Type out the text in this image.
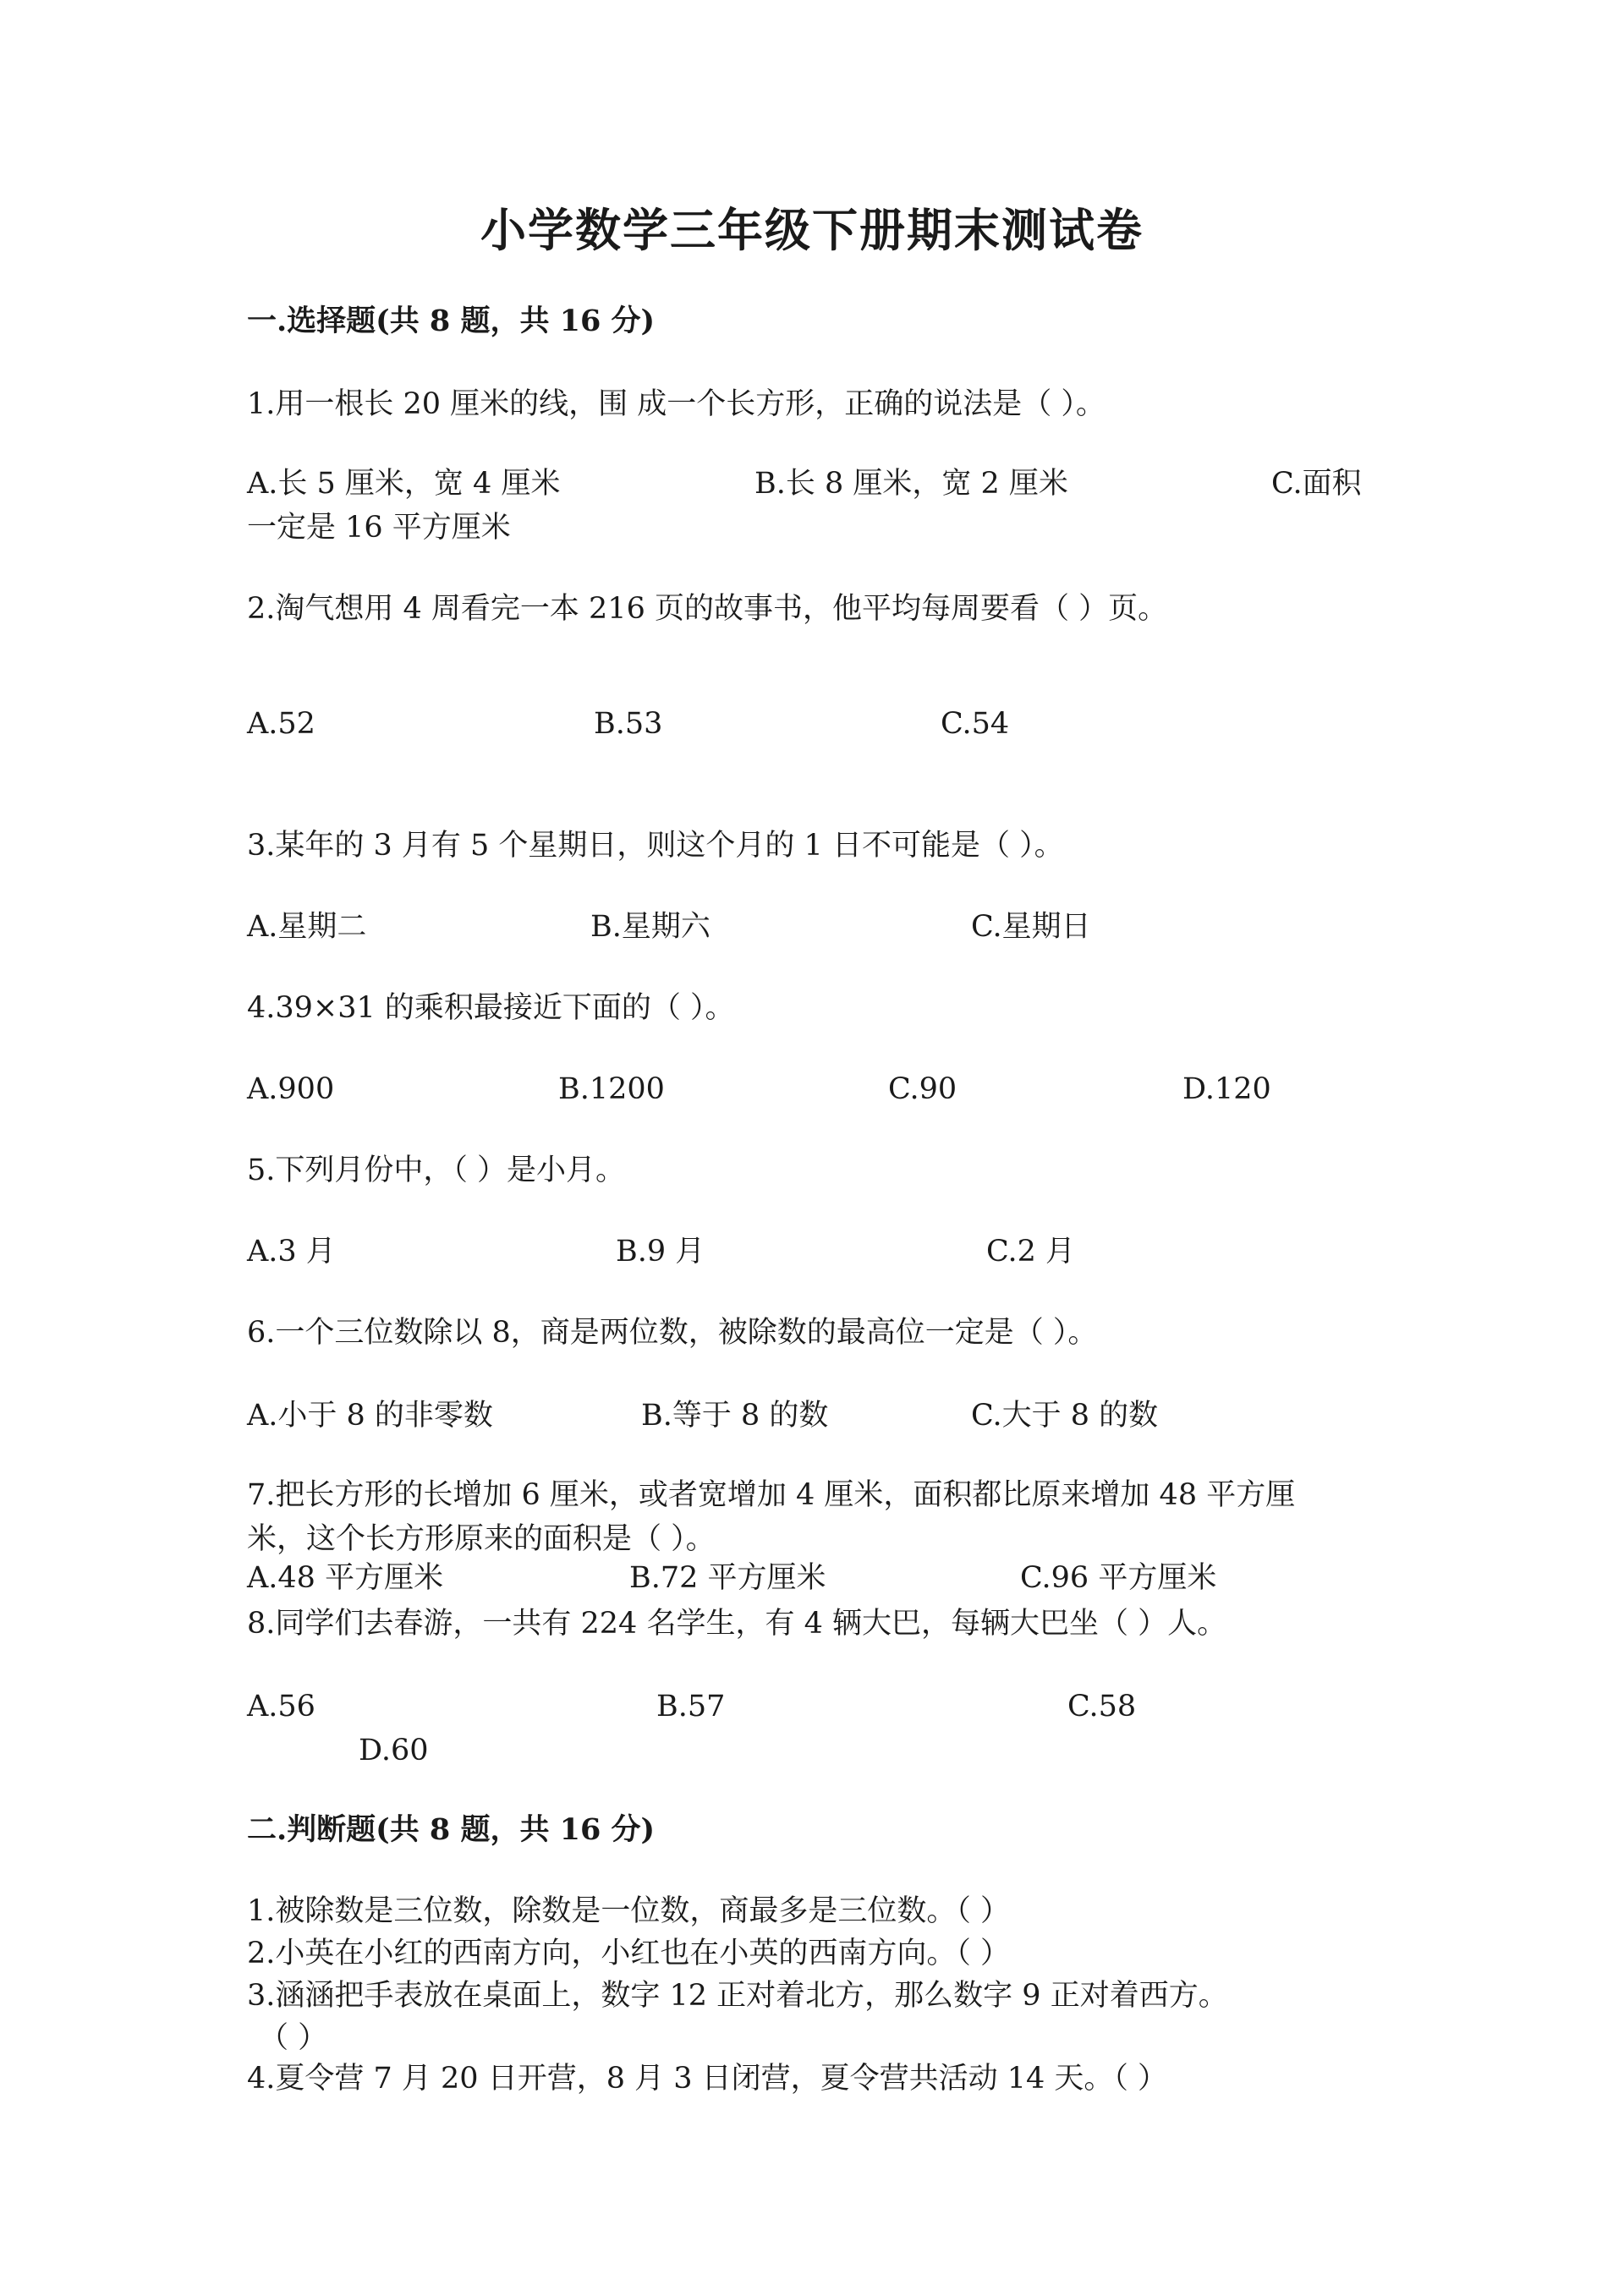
小学数学三年级下册期末测试卷
一.选择题(共 8 题，共 16 分)
1.用一根长 20 厘米的线，围 成一个长方形，正确的说法是（ ）。
A.长 5 厘米，宽 4 厘米	B.长 8 厘米，宽 2 厘米	C.面积
一定是 16 平方厘米
2.淘气想用 4 周看完一本 216 页的故事书，他平均每周要看（ ）页。
A.52	B.53	C.54
3.某年的 3 月有 5 个星期日，则这个月的 1 日不可能是（ ）。
A.星期二	B.星期六	C.星期日
4.39×31 的乘积最接近下面的（ ）。
A.900	B.1200	C.90	D.120
5.下列月份中，（ ）是小月。
A.3 月	B.9 月	C.2 月
6.一个三位数除以 8，商是两位数，被除数的最高位一定是（ ）。
A.小于 8 的非零数	B.等于 8 的数	C.大于 8 的数
7.把长方形的长增加 6 厘米，或者宽增加 4 厘米，面积都比原来增加 48 平方厘
米，这个长方形原来的面积是（ ）。
A.48 平方厘米	B.72 平方厘米	C.96 平方厘米
8.同学们去春游，一共有 224 名学生，有 4 辆大巴，每辆大巴坐（ ）人。
A.56	B.57	C.58
D.60
二.判断题(共 8 题，共 16 分)
1.被除数是三位数，除数是一位数，商最多是三位数。（ ）
2.小英在小红的西南方向，小红也在小英的西南方向。（ ）
3.涵涵把手表放在桌面上，数字 12 正对着北方，那么数字 9 正对着西方。
（ ）
4.夏令营 7 月 20 日开营，8 月 3 日闭营，夏令营共活动 14 天。（ ）
